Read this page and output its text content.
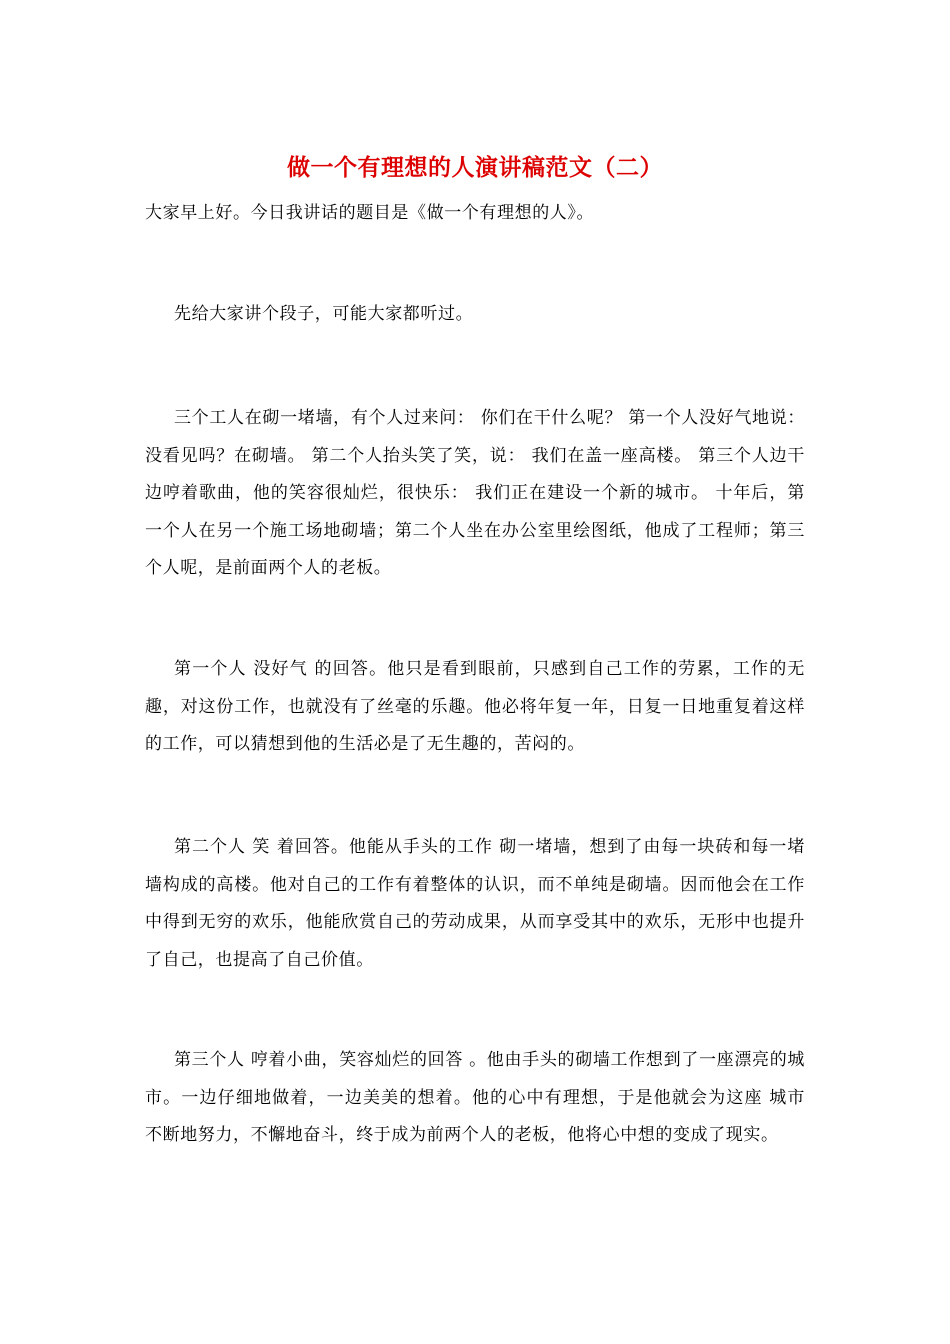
做一个有理想的人演讲稿范文（二）

大家早上好。今日我讲话的题目是《做一个有理想的人》。

先给大家讲个段子，可能大家都听过。

三个工人在砌一堵墙，有个人过来问： 你们在干什么呢？ 第一个人没好气地说： 没看见吗？在砌墙。 第二个人抬头笑了笑，说： 我们在盖一座高楼。 第三个人边干边哼着歌曲，他的笑容很灿烂，很快乐： 我们正在建设一个新的城市。 十年后，第一个人在另一个施工场地砌墙；第二个人坐在办公室里绘图纸，他成了工程师；第三个人呢，是前面两个人的老板。

第一个人 没好气 的回答。他只是看到眼前，只感到自己工作的劳累，工作的无趣，对这份工作，也就没有了丝毫的乐趣。他必将年复一年，日复一日地重复着这样的工作，可以猜想到他的生活必是了无生趣的，苦闷的。

第二个人 笑 着回答。他能从手头的工作 砌一堵墙，想到了由每一块砖和每一堵墙构成的高楼。他对自己的工作有着整体的认识，而不单纯是砌墙。因而他会在工作中得到无穷的欢乐，他能欣赏自己的劳动成果，从而享受其中的欢乐，无形中也提升了自己，也提高了自己价值。

第三个人 哼着小曲，笑容灿烂的回答 。他由手头的砌墙工作想到了一座漂亮的城市。一边仔细地做着，一边美美的想着。他的心中有理想，于是他就会为这座 城市 不断地努力，不懈地奋斗，终于成为前两个人的老板，他将心中想的变成了现实。
